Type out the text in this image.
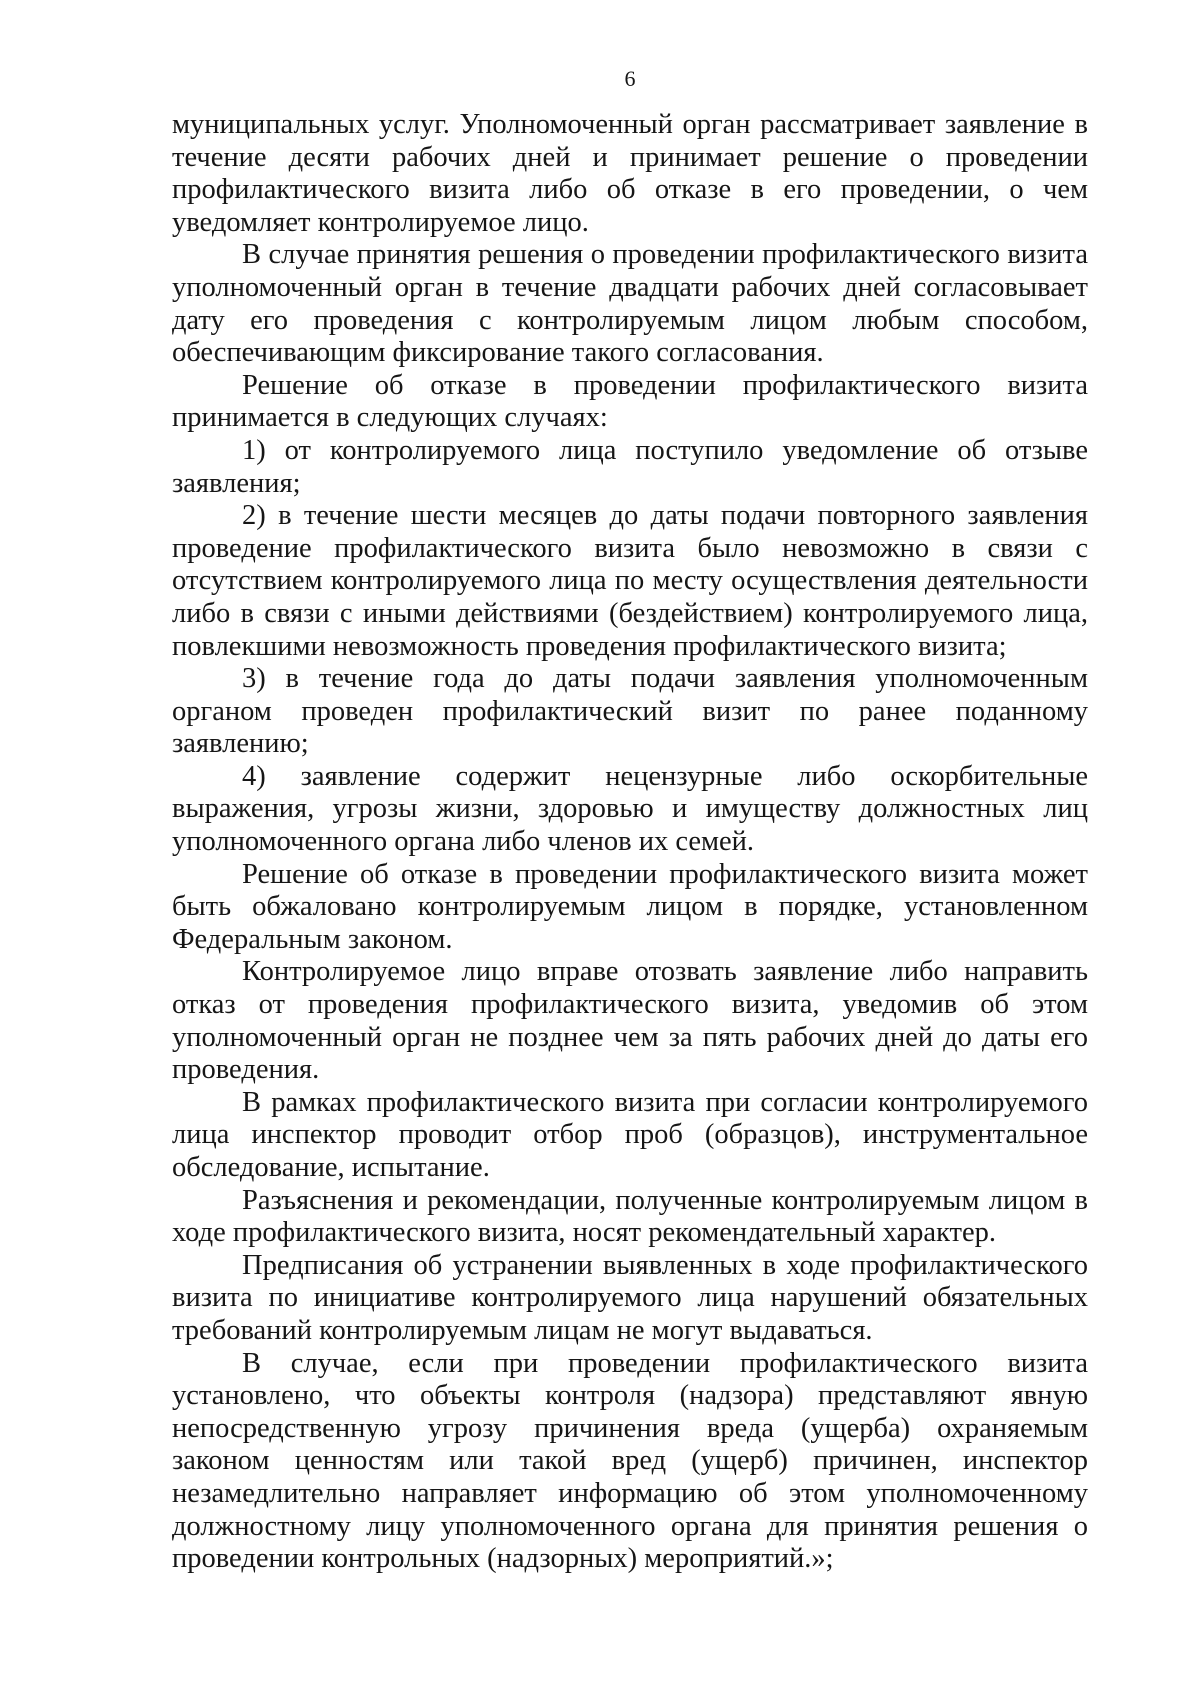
6

муниципальных услуг. Уполномоченный орган рассматривает заявление в течение десяти рабочих дней и принимает решение о проведении профилактического визита либо об отказе в его проведении, о чем уведомляет контролируемое лицо.

В случае принятия решения о проведении профилактического визита уполномоченный орган в течение двадцати рабочих дней согласовывает дату его проведения с контролируемым лицом любым способом, обеспечивающим фиксирование такого согласования.

Решение об отказе в проведении профилактического визита принимается в следующих случаях:

1) от контролируемого лица поступило уведомление об отзыве заявления;

2) в течение шести месяцев до даты подачи повторного заявления проведение профилактического визита было невозможно в связи с отсутствием контролируемого лица по месту осуществления деятельности либо в связи с иными действиями (бездействием) контролируемого лица, повлекшими невозможность проведения профилактического визита;

3) в течение года до даты подачи заявления уполномоченным органом проведен профилактический визит по ранее поданному заявлению;

4) заявление содержит нецензурные либо оскорбительные выражения, угрозы жизни, здоровью и имуществу должностных лиц уполномоченного органа либо членов их семей.

Решение об отказе в проведении профилактического визита может быть обжаловано контролируемым лицом в порядке, установленном Федеральным законом.

Контролируемое лицо вправе отозвать заявление либо направить отказ от проведения профилактического визита, уведомив об этом уполномоченный орган не позднее чем за пять рабочих дней до даты его проведения.

В рамках профилактического визита при согласии контролируемого лица инспектор проводит отбор проб (образцов), инструментальное обследование, испытание.

Разъяснения и рекомендации, полученные контролируемым лицом в ходе профилактического визита, носят рекомендательный характер.

Предписания об устранении выявленных в ходе профилактического визита по инициативе контролируемого лица нарушений обязательных требований контролируемым лицам не могут выдаваться.

В случае, если при проведении профилактического визита установлено, что объекты контроля (надзора) представляют явную непосредственную угрозу причинения вреда (ущерба) охраняемым законом ценностям или такой вред (ущерб) причинен, инспектор незамедлительно направляет информацию об этом уполномоченному должностному лицу уполномоченного органа для принятия решения о проведении контрольных (надзорных) мероприятий.»;
